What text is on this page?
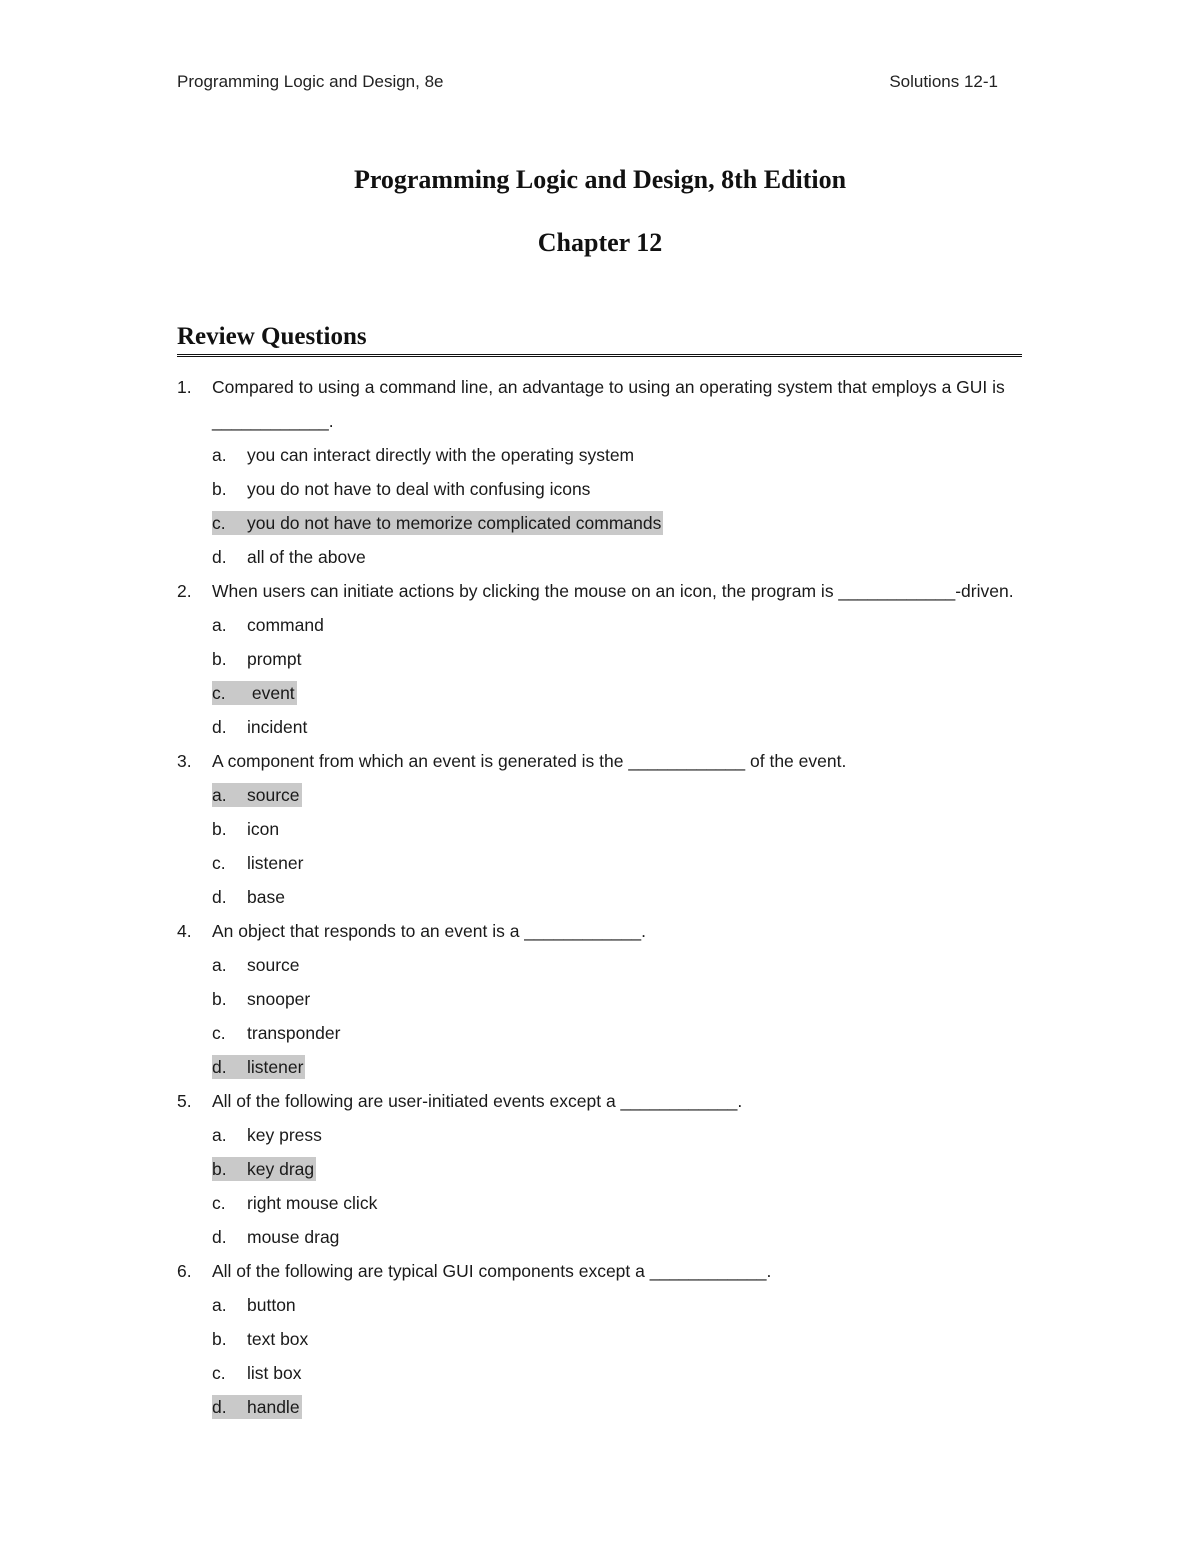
Programming Logic and Design, 8e	Solutions 12-1
Programming Logic and Design, 8th Edition
Chapter 12
Review Questions
1.	Compared to using a command line, an advantage to using an operating system that employs a GUI is
____________.
a.	you can interact directly with the operating system
b.	you do not have to deal with confusing icons
c.	you do not have to memorize complicated commands
d.	all of the above
2.	When users can initiate actions by clicking the mouse on an icon, the program is ____________-driven.
a.	command
b.	prompt
c.	event
d.	incident
3.	A component from which an event is generated is the ____________ of the event.
a.	source
b.	icon
c.	listener
d.	base
4.	An object that responds to an event is a ____________.
a.	source
b.	snooper
c.	transponder
d.	listener
5.	All of the following are user-initiated events except a ____________.
a.	key press
b.	key drag
c.	right mouse click
d.	mouse drag
6.	All of the following are typical GUI components except a ____________.
a.	button
b.	text box
c.	list box
d.	handle
